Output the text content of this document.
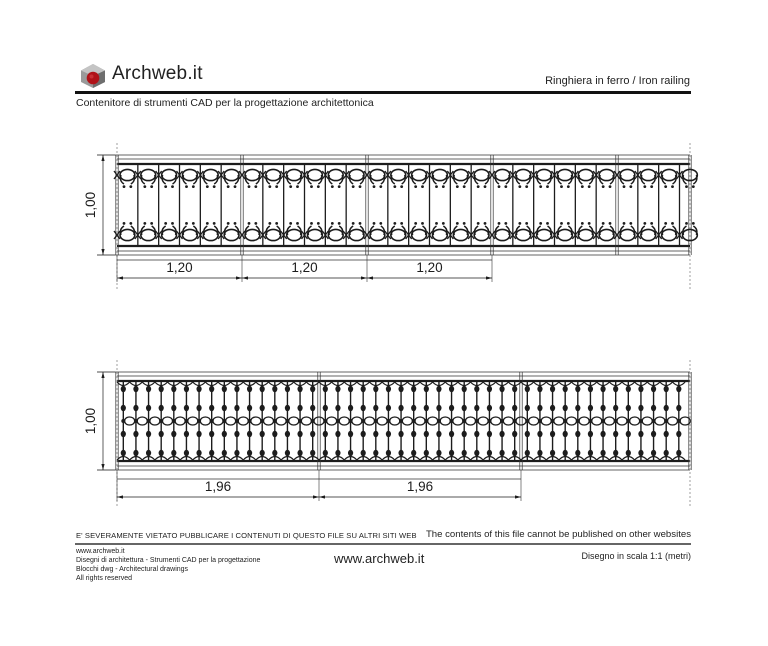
Archweb.it	Ringhiera in ferro / Iron railing
Contenitore di strumenti CAD per la progettazione architettonica
1,00
1,20	1,20	1,20
1,00
1,96	1,96
E' SEVERAMENTE VIETATO PUBBLICARE I CONTENUTI DI QUESTO FILE SU ALTRI SITI WEB The contents of this file cannot be published on other websites
www.archweb.it
Disegni di architettura - Strumenti CAD per la progettazione
Blocchi dwg - Architectural drawings
All rights reserved
www.archweb.it	Disegno in scala 1:1 (metri)
